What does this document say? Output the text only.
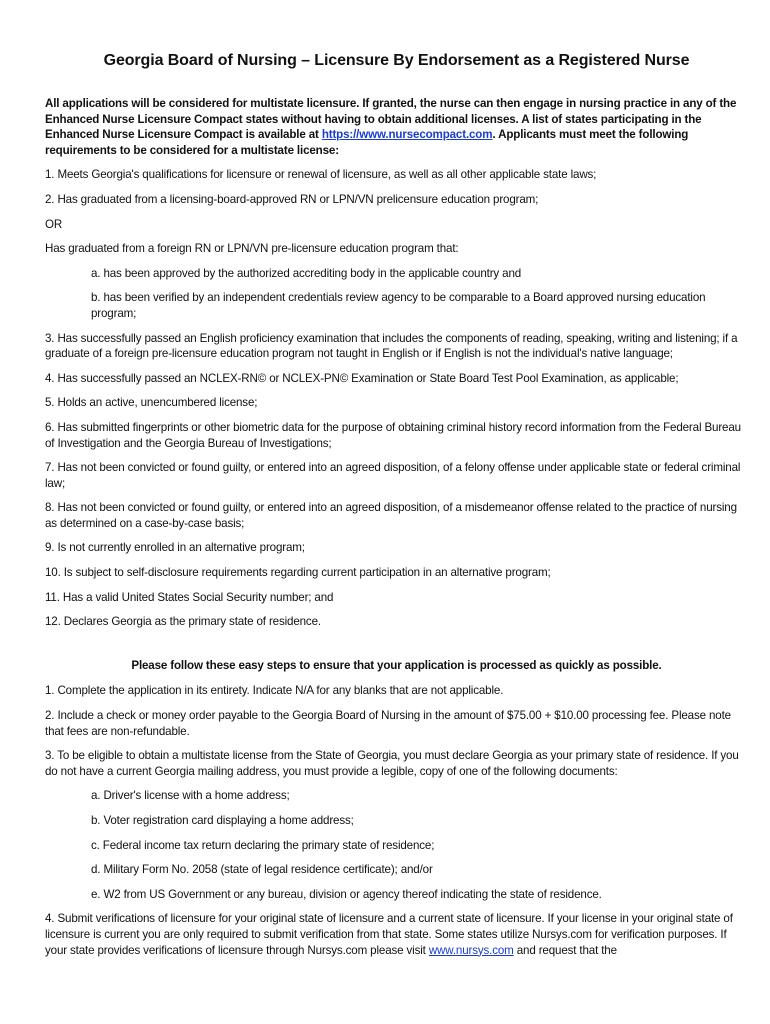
Georgia Board of Nursing – Licensure By Endorsement as a Registered Nurse

All applications will be considered for multistate licensure. If granted, the nurse can then engage in nursing practice in any of the Enhanced Nurse Licensure Compact states without having to obtain additional licenses. A list of states participating in the Enhanced Nurse Licensure Compact is available at https://www.nursecompact.com. Applicants must meet the following requirements to be considered for a multistate license:

1. Meets Georgia's qualifications for licensure or renewal of licensure, as well as all other applicable state laws;

2. Has graduated from a licensing-board-approved RN or LPN/VN prelicensure education program;

OR

Has graduated from a foreign RN or LPN/VN pre-licensure education program that:

a. has been approved by the authorized accrediting body in the applicable country and

b. has been verified by an independent credentials review agency to be comparable to a Board approved nursing education program;

3. Has successfully passed an English proficiency examination that includes the components of reading, speaking, writing and listening; if a graduate of a foreign pre-licensure education program not taught in English or if English is not the individual's native language;

4. Has successfully passed an NCLEX-RN© or NCLEX-PN© Examination or State Board Test Pool Examination, as applicable;

5. Holds an active, unencumbered license;

6. Has submitted fingerprints or other biometric data for the purpose of obtaining criminal history record information from the Federal Bureau of Investigation and the Georgia Bureau of Investigations;

7. Has not been convicted or found guilty, or entered into an agreed disposition, of a felony offense under applicable state or federal criminal law;

8. Has not been convicted or found guilty, or entered into an agreed disposition, of a misdemeanor offense related to the practice of nursing as determined on a case-by-case basis;

9. Is not currently enrolled in an alternative program;

10. Is subject to self-disclosure requirements regarding current participation in an alternative program;

11. Has a valid United States Social Security number; and

12. Declares Georgia as the primary state of residence.

Please follow these easy steps to ensure that your application is processed as quickly as possible.

1. Complete the application in its entirety. Indicate N/A for any blanks that are not applicable.

2. Include a check or money order payable to the Georgia Board of Nursing in the amount of $75.00 + $10.00 processing fee. Please note that fees are non-refundable.

3. To be eligible to obtain a multistate license from the State of Georgia, you must declare Georgia as your primary state of residence. If you do not have a current Georgia mailing address, you must provide a legible, copy of one of the following documents:

a. Driver's license with a home address;

b. Voter registration card displaying a home address;

c. Federal income tax return declaring the primary state of residence;

d. Military Form No. 2058 (state of legal residence certificate); and/or

e. W2 from US Government or any bureau, division or agency thereof indicating the state of residence.

4. Submit verifications of licensure for your original state of licensure and a current state of licensure. If your license in your original state of licensure is current you are only required to submit verification from that state. Some states utilize Nursys.com for verification purposes. If your state provides verifications of licensure through Nursys.com please visit www.nursys.com and request that the
